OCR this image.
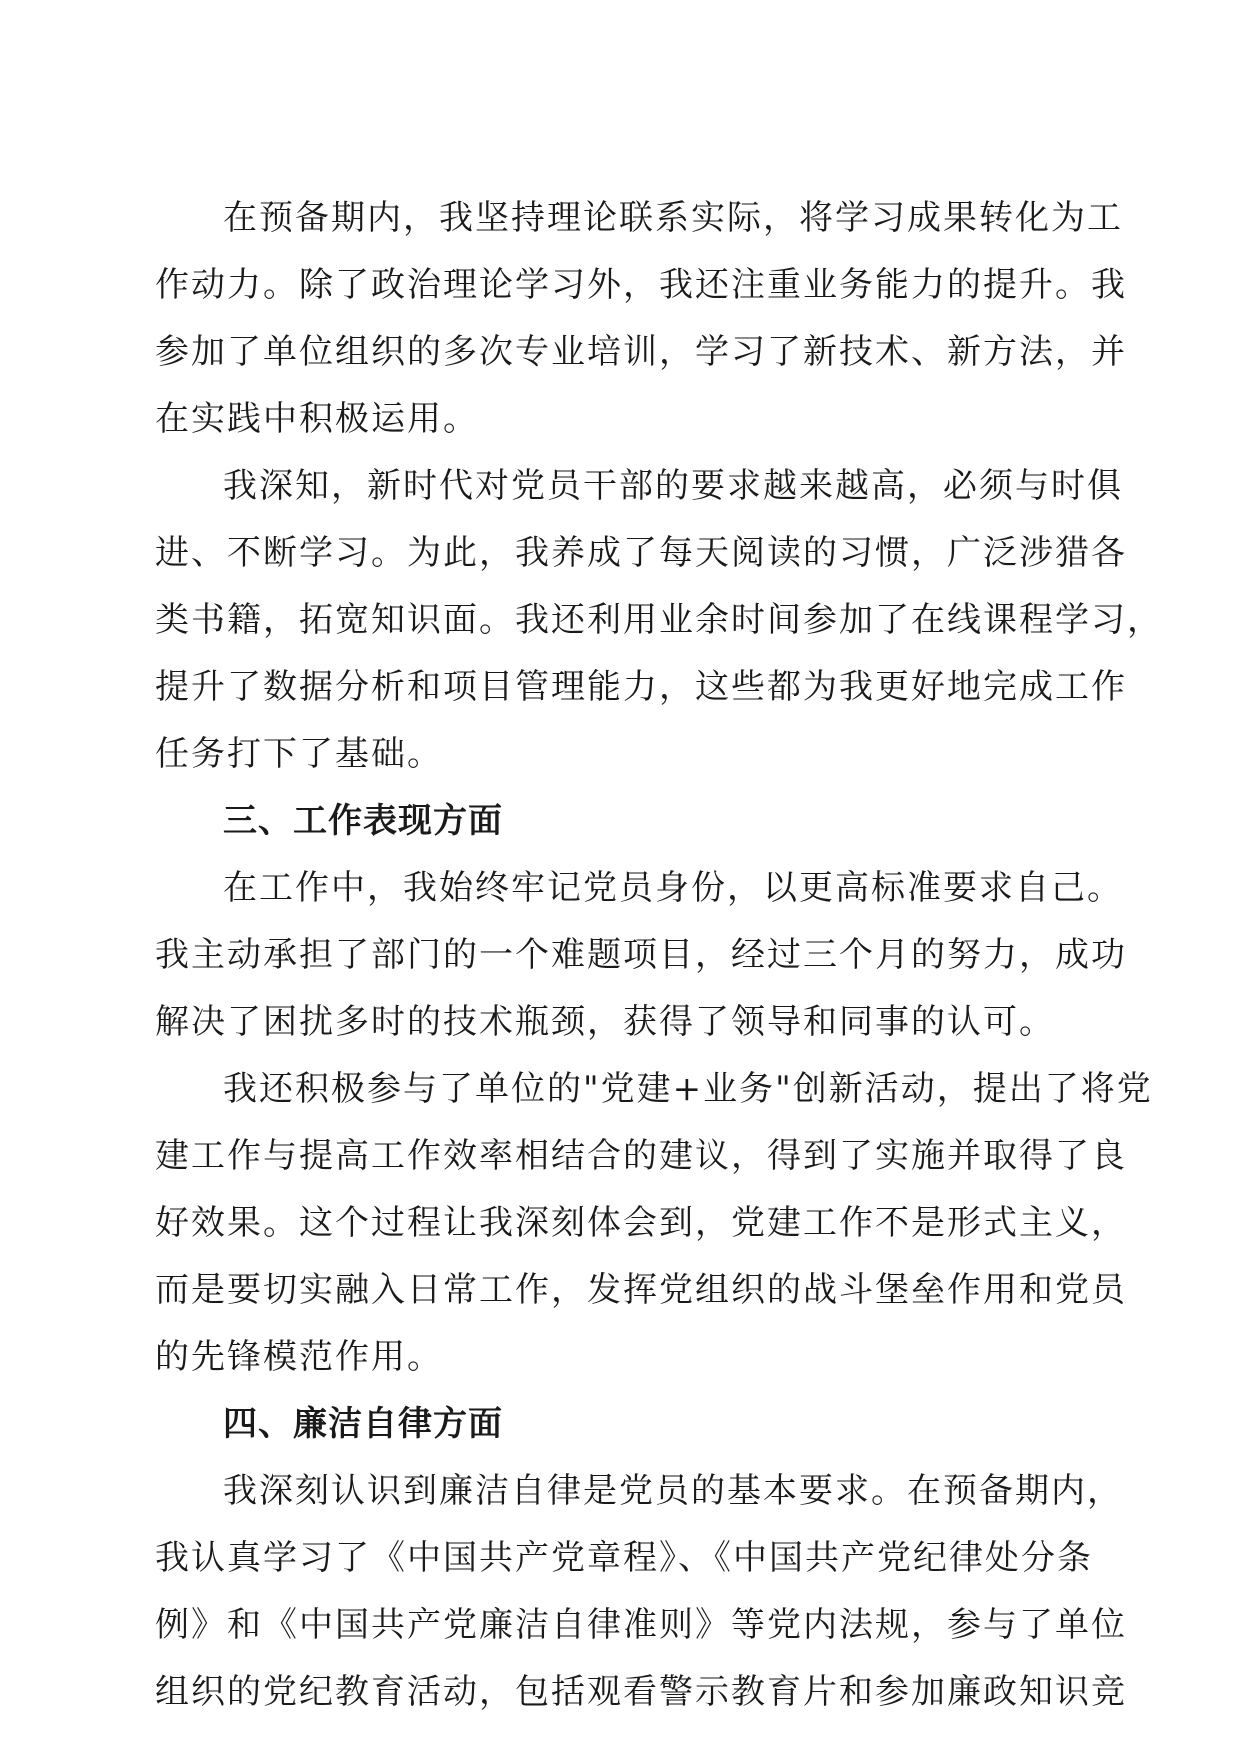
在预备期内，我坚持理论联系实际，将学习成果转化为工
作动力。除了政治理论学习外，我还注重业务能力的提升。我
参加了单位组织的多次专业培训，学习了新技术、新方法，并
在实践中积极运用。
我深知，新时代对党员干部的要求越来越高，必须与时俱
进、不断学习。为此，我养成了每天阅读的习惯，广泛涉猎各
类书籍，拓宽知识面。我还利用业余时间参加了在线课程学习，
提升了数据分析和项目管理能力，这些都为我更好地完成工作
任务打下了基础。
三、工作表现方面
在工作中，我始终牢记党员身份，以更高标准要求自己。
我主动承担了部门的一个难题项目，经过三个月的努力，成功
解决了困扰多时的技术瓶颈，获得了领导和同事的认可。
我还积极参与了单位的"党建+业务"创新活动，提出了将党
建工作与提高工作效率相结合的建议，得到了实施并取得了良
好效果。这个过程让我深刻体会到，党建工作不是形式主义，
而是要切实融入日常工作，发挥党组织的战斗堡垒作用和党员
的先锋模范作用。
四、廉洁自律方面
我深刻认识到廉洁自律是党员的基本要求。在预备期内，
我认真学习了《中国共产党章程》、《中国共产党纪律处分条
例》和《中国共产党廉洁自律准则》等党内法规，参与了单位
组织的党纪教育活动，包括观看警示教育片和参加廉政知识竞
